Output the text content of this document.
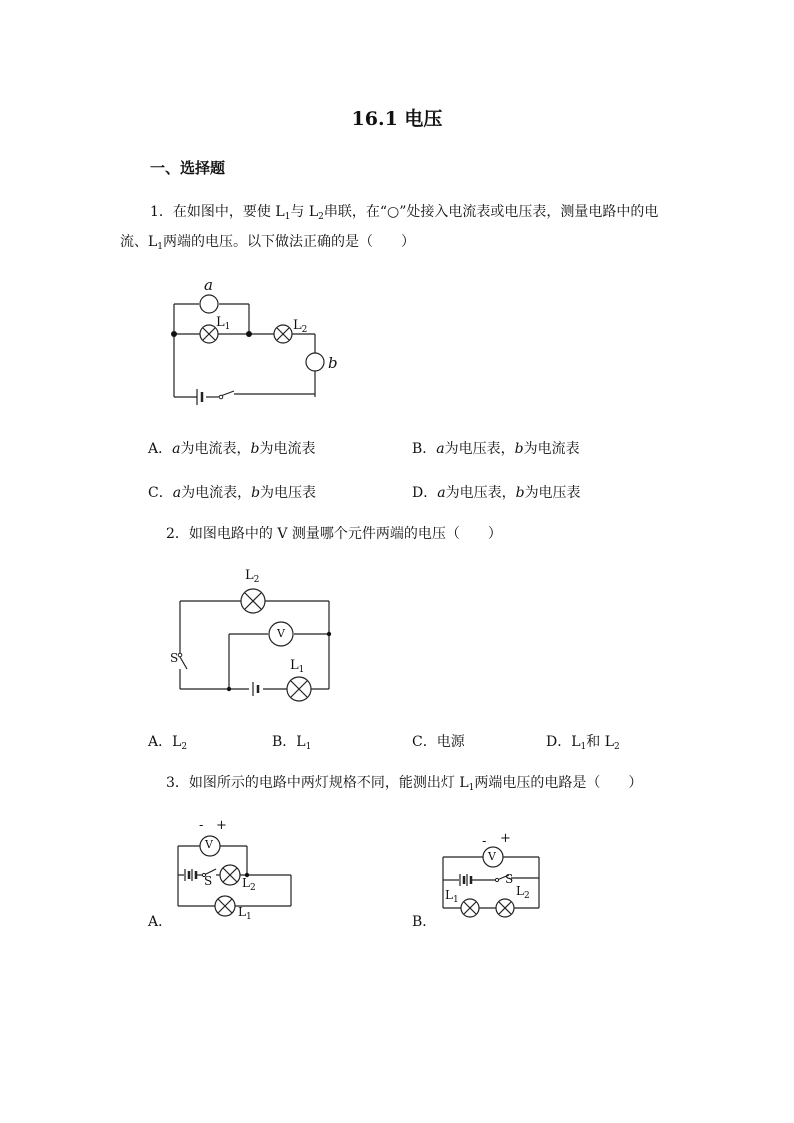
16.1 电压
一、选择题
1．在如图中，要使 $L_1$与 $L_2$串联，在“○”处接入电流表或电压表，测量电路中的电
流、$L_1$两端的电压。以下做法正确的是（　　）
a
b
$L_1$	$L_2$
A．a为电流表，b为电流表	B．a为电压表，b为电流表
C．a为电流表，b为电压表	D．a为电压表，b为电压表
2．如图电路中的 V 测量哪个元件两端的电压（　　）
$L_2$
V
S	$L_1$
A．$L_2$	B．$L_1$	C．电源	D．$L_1$和 $L_2$
3．如图所示的电路中两灯规格不同，能测出灯 $L_1$两端电压的电路是（　　）
- +
V
S $L_2$
$L_1$
A．
- +
V
S
$L_1$
$L_2$
B．
